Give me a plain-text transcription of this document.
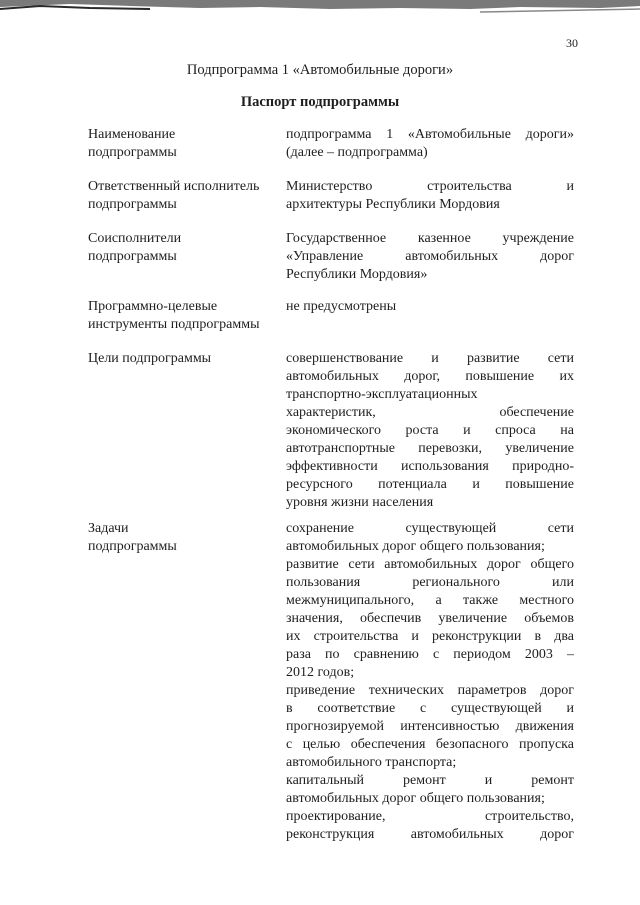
30
Подпрограмма 1 «Автомобильные дороги»
Паспорт подпрограммы
Наименование
подпрограммы
подпрограмма 1 «Автомобильные дороги»
(далее – подпрограмма)
Ответственный исполнитель
подпрограммы
Министерство строительства и
архитектуры Республики Мордовия
Соисполнители
подпрограммы
Государственное казенное учреждение
«Управление автомобильных дорог
Республики Мордовия»
Программно-целевые
инструменты подпрограммы
не предусмотрены
Цели подпрограммы	совершенствование и развитие сети
автомобильных дорог, повышение их
транспортно-эксплуатационных
характеристик, обеспечение
экономического роста и спроса на
автотранспортные перевозки, увеличение
эффективности использования природно-
ресурсного потенциала и повышение
уровня жизни населения
Задачи
подпрограммы
сохранение существующей сети
автомобильных дорог общего пользования;
развитие сети автомобильных дорог общего
пользования регионального или
межмуниципального, а также местного
значения, обеспечив увеличение объемов
их строительства и реконструкции в два
раза по сравнению с периодом 2003 –
2012 годов;
приведение технических параметров дорог
в соответствие с существующей и
прогнозируемой интенсивностью движения
с целью обеспечения безопасного пропуска
автомобильного транспорта;
капитальный ремонт и ремонт
автомобильных дорог общего пользования;
проектирование, строительство,
реконструкция автомобильных дорог
